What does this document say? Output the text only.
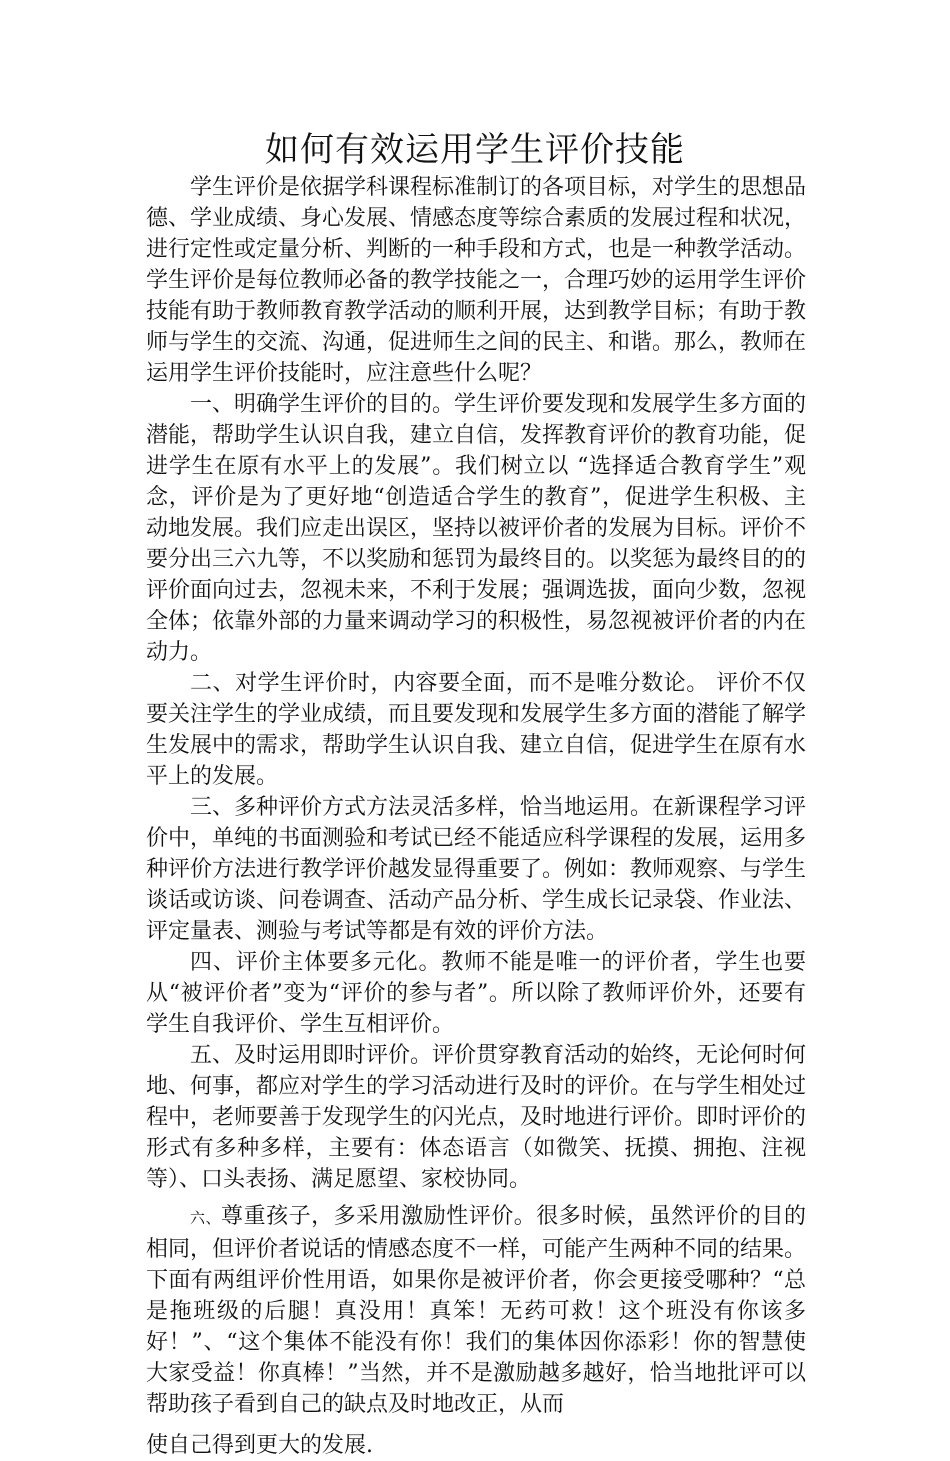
如何有效运用学生评价技能

学生评价是依据学科课程标准制订的各项目标，对学生的思想品德、学业成绩、身心发展、情感态度等综合素质的发展过程和状况，进行定性或定量分析、判断的一种手段和方式，也是一种教学活动。学生评价是每位教师必备的教学技能之一，合理巧妙的运用学生评价技能有助于教师教育教学活动的顺利开展，达到教学目标；有助于教师与学生的交流、沟通，促进师生之间的民主、和谐。那么，教师在运用学生评价技能时，应注意些什么呢？

一、明确学生评价的目的。学生评价要发现和发展学生多方面的潜能，帮助学生认识自我，建立自信，发挥教育评价的教育功能，促进学生在原有水平上的发展”。我们树立以 “选择适合教育学生”观念，评价是为了更好地“创造适合学生的教育”，促进学生积极、主动地发展。我们应走出误区，坚持以被评价者的发展为目标。评价不要分出三六九等，不以奖励和惩罚为最终目的。以奖惩为最终目的的评价面向过去，忽视未来，不利于发展；强调选拔，面向少数，忽视全体；依靠外部的力量来调动学习的积极性，易忽视被评价者的内在动力。

二、对学生评价时，内容要全面，而不是唯分数论。 评价不仅要关注学生的学业成绩，而且要发现和发展学生多方面的潜能了解学生发展中的需求，帮助学生认识自我、建立自信，促进学生在原有水平上的发展。

三、多种评价方式方法灵活多样，恰当地运用。在新课程学习评价中，单纯的书面测验和考试已经不能适应科学课程的发展，运用多种评价方法进行教学评价越发显得重要了。例如：教师观察、与学生谈话或访谈、问卷调查、活动产品分析、学生成长记录袋、作业法、评定量表、测验与考试等都是有效的评价方法。

四、评价主体要多元化。教师不能是唯一的评价者，学生也要从“被评价者”变为“评价的参与者”。所以除了教师评价外，还要有学生自我评价、学生互相评价。

五、及时运用即时评价。评价贯穿教育活动的始终，无论何时何地、何事，都应对学生的学习活动进行及时的评价。在与学生相处过程中，老师要善于发现学生的闪光点，及时地进行评价。即时评价的形式有多种多样，主要有：体态语言（如微笑、抚摸、拥抱、注视等）、口头表扬、满足愿望、家校协同。

六、尊重孩子，多采用激励性评价。很多时候，虽然评价的目的相同，但评价者说话的情感态度不一样，可能产生两种不同的结果。下面有两组评价性用语，如果你是被评价者，你会更接受哪种？“总是拖班级的后腿！真没用！真笨！无药可救！这个班没有你该多好！”、“这个集体不能没有你！我们的集体因你添彩！你的智慧使大家受益！你真棒！”当然，并不是激励越多越好，恰当地批评可以帮助孩子看到自己的缺点及时地改正，从而

使自己得到更大的发展.
